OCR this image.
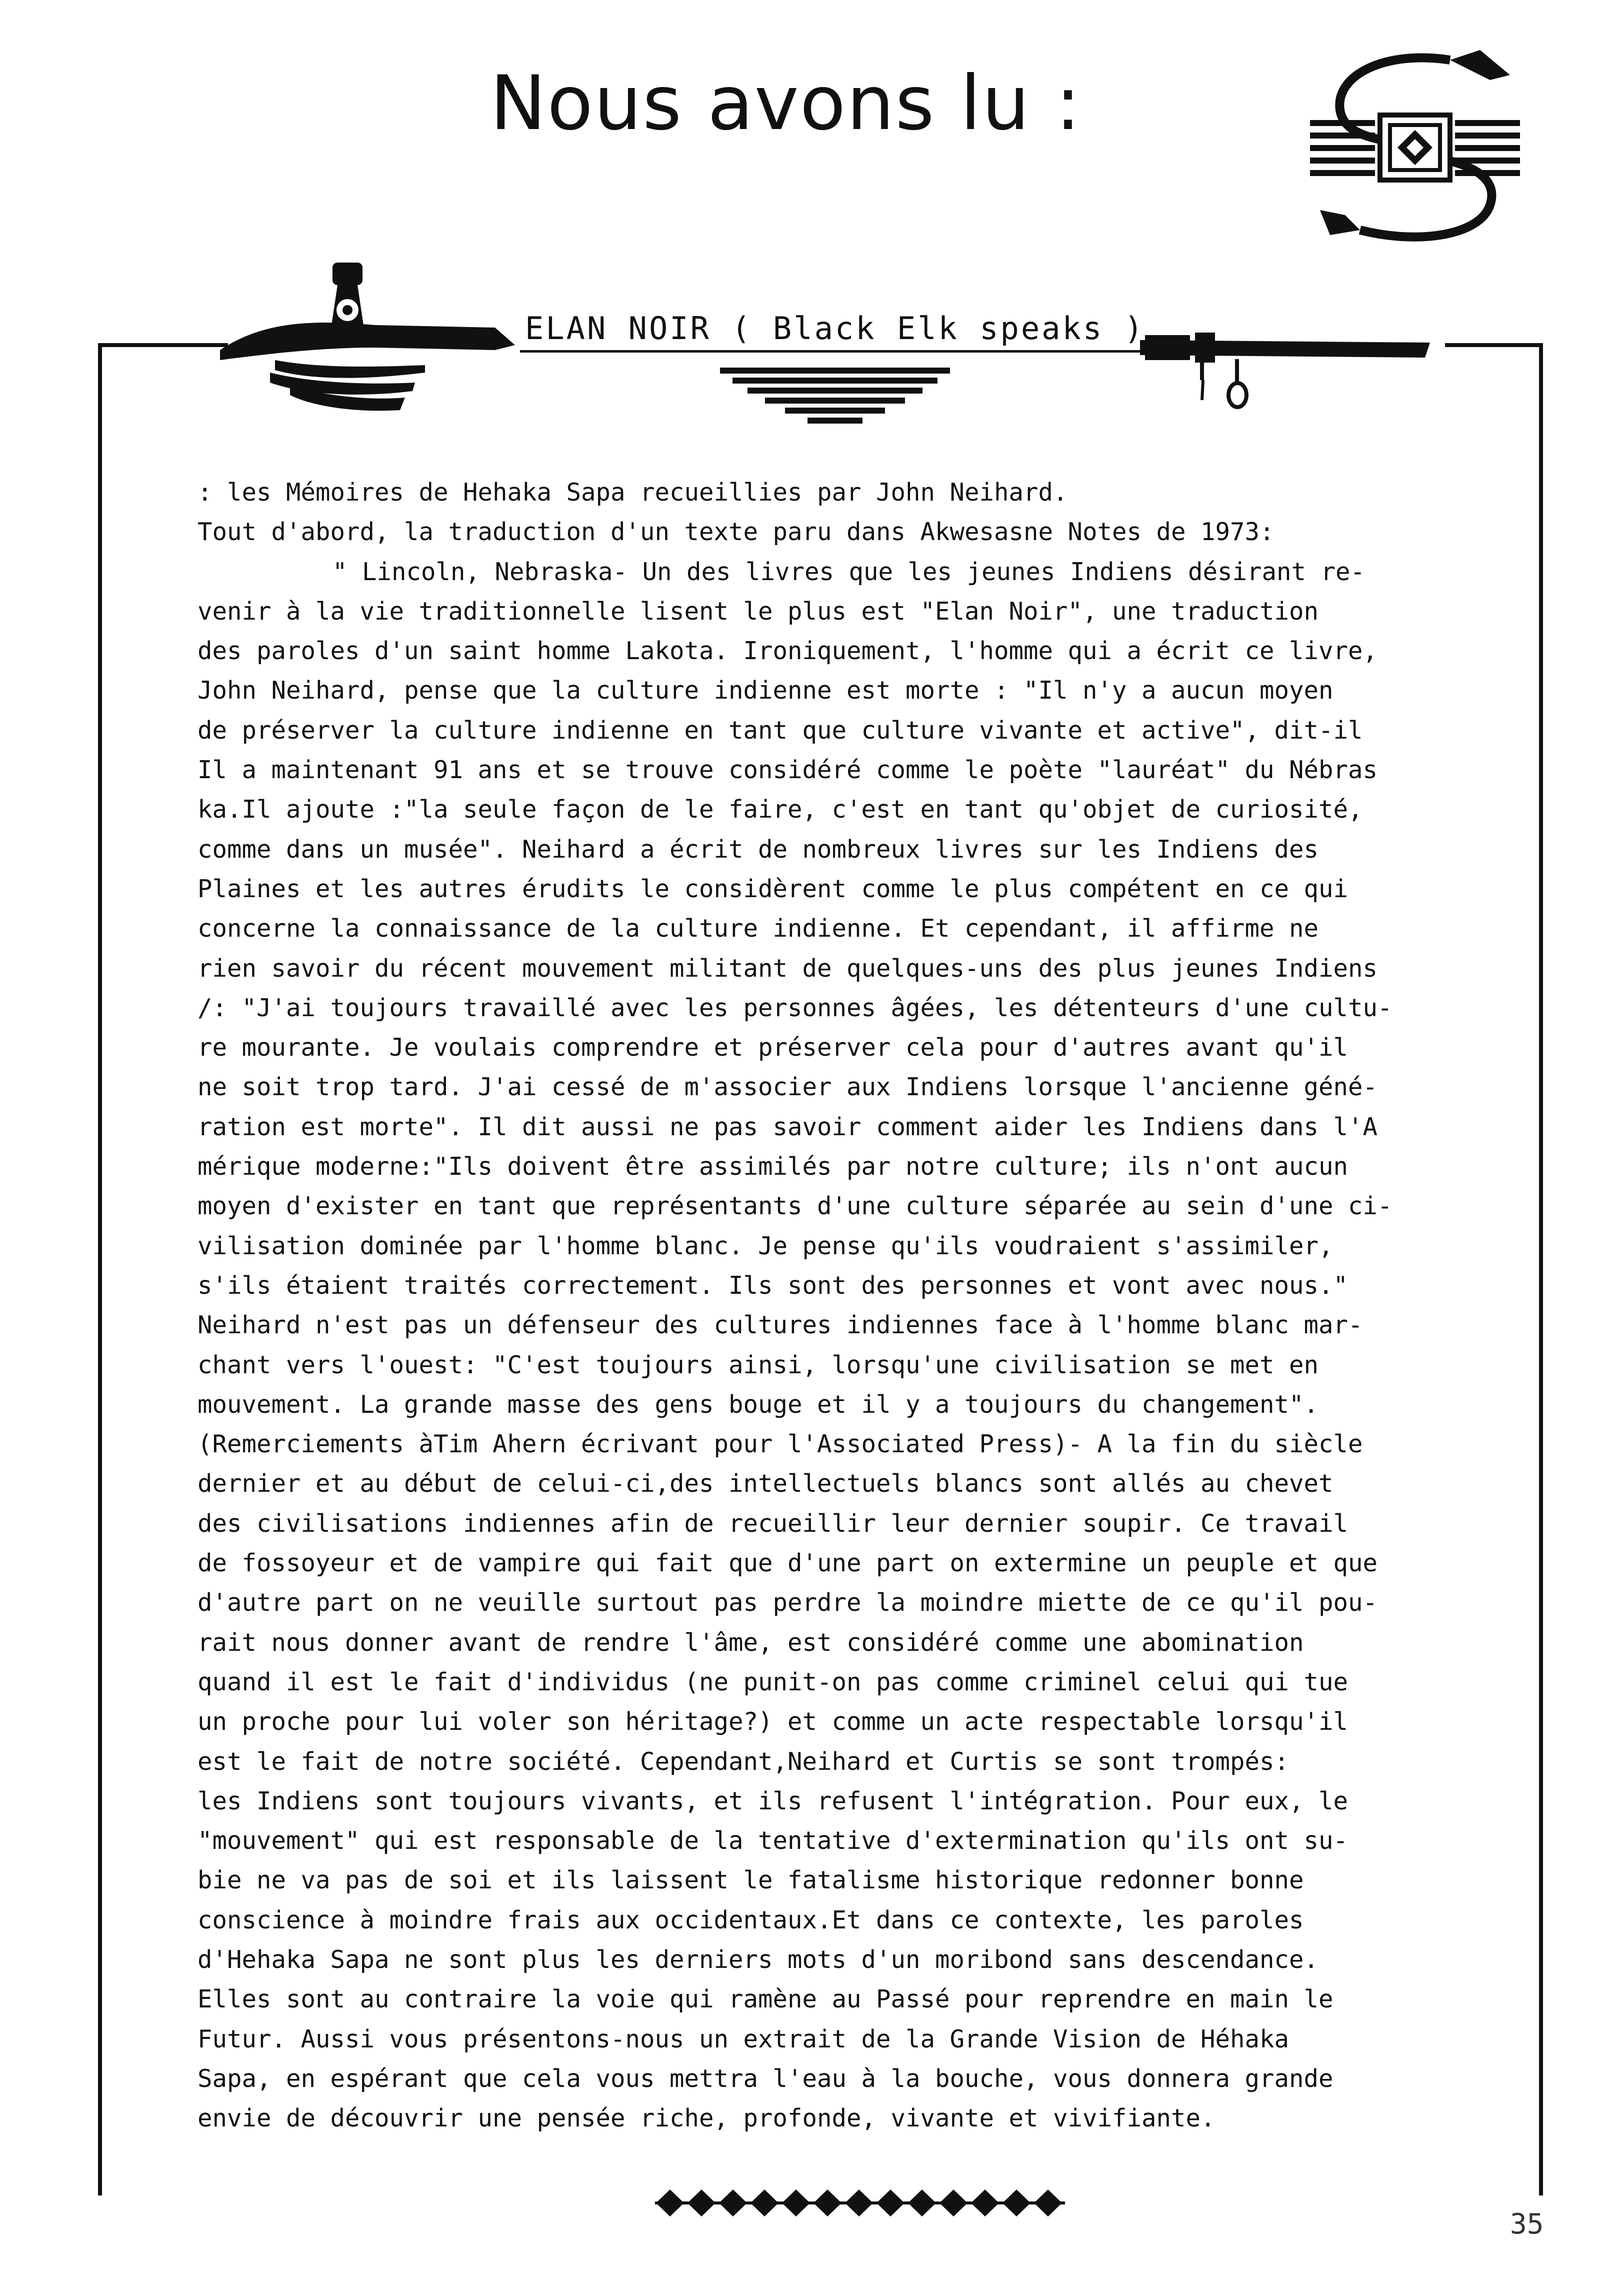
Nous avons lu :

ELAN NOIR ( Black Elk speaks )

: les Mémoires de Hehaka Sapa recueillies par John Neihard.
Tout d'abord, la traduction d'un texte paru dans Akwesasne Notes de 1973:
" Lincoln, Nebraska- Un des livres que les jeunes Indiens désirant re-
venir à la vie traditionnelle lisent le plus est "Elan Noir", une traduction
des paroles d'un saint homme Lakota. Ironiquement, l'homme qui a écrit ce livre,
John Neihard, pense que la culture indienne est morte : "Il n'y a aucun moyen
de préserver la culture indienne en tant que culture vivante et active", dit-il
Il a maintenant 91 ans et se trouve considéré comme le poète "lauréat" du Nébras
ka.Il ajoute :"la seule façon de le faire, c'est en tant qu'objet de curiosité,
comme dans un musée". Neihard a écrit de nombreux livres sur les Indiens des
Plaines et les autres érudits le considèrent comme le plus compétent en ce qui
concerne la connaissance de la culture indienne. Et cependant, il affirme ne
rien savoir du récent mouvement militant de quelques-uns des plus jeunes Indiens
/: "J'ai toujours travaillé avec les personnes âgées, les détenteurs d'une cultu-
re mourante. Je voulais comprendre et préserver cela pour d'autres avant qu'il
ne soit trop tard. J'ai cessé de m'associer aux Indiens lorsque l'ancienne géné-
ration est morte". Il dit aussi ne pas savoir comment aider les Indiens dans l'A
mérique moderne:"Ils doivent être assimilés par notre culture; ils n'ont aucun
moyen d'exister en tant que représentants d'une culture séparée au sein d'une ci-
vilisation dominée par l'homme blanc. Je pense qu'ils voudraient s'assimiler,
s'ils étaient traités correctement. Ils sont des personnes et vont avec nous."
Neihard n'est pas un défenseur des cultures indiennes face à l'homme blanc mar-
chant vers l'ouest: "C'est toujours ainsi, lorsqu'une civilisation se met en
mouvement. La grande masse des gens bouge et il y a toujours du changement".
(Remerciements àTim Ahern écrivant pour l'Associated Press)- A la fin du siècle
dernier et au début de celui-ci,des intellectuels blancs sont allés au chevet
des civilisations indiennes afin de recueillir leur dernier soupir. Ce travail
de fossoyeur et de vampire qui fait que d'une part on extermine un peuple et que
d'autre part on ne veuille surtout pas perdre la moindre miette de ce qu'il pou-
rait nous donner avant de rendre l'âme, est considéré comme une abomination
quand il est le fait d'individus (ne punit-on pas comme criminel celui qui tue
un proche pour lui voler son héritage?) et comme un acte respectable lorsqu'il
est le fait de notre société. Cependant,Neihard et Curtis se sont trompés:
les Indiens sont toujours vivants, et ils refusent l'intégration. Pour eux, le
"mouvement" qui est responsable de la tentative d'extermination qu'ils ont su-
bie ne va pas de soi et ils laissent le fatalisme historique redonner bonne
conscience à moindre frais aux occidentaux.Et dans ce contexte, les paroles
d'Hehaka Sapa ne sont plus les derniers mots d'un moribond sans descendance.
Elles sont au contraire la voie qui ramène au Passé pour reprendre en main le
Futur. Aussi vous présentons-nous un extrait de la Grande Vision de Héhaka
Sapa, en espérant que cela vous mettra l'eau à la bouche, vous donnera grande
envie de découvrir une pensée riche, profonde, vivante et vivifiante.

35
